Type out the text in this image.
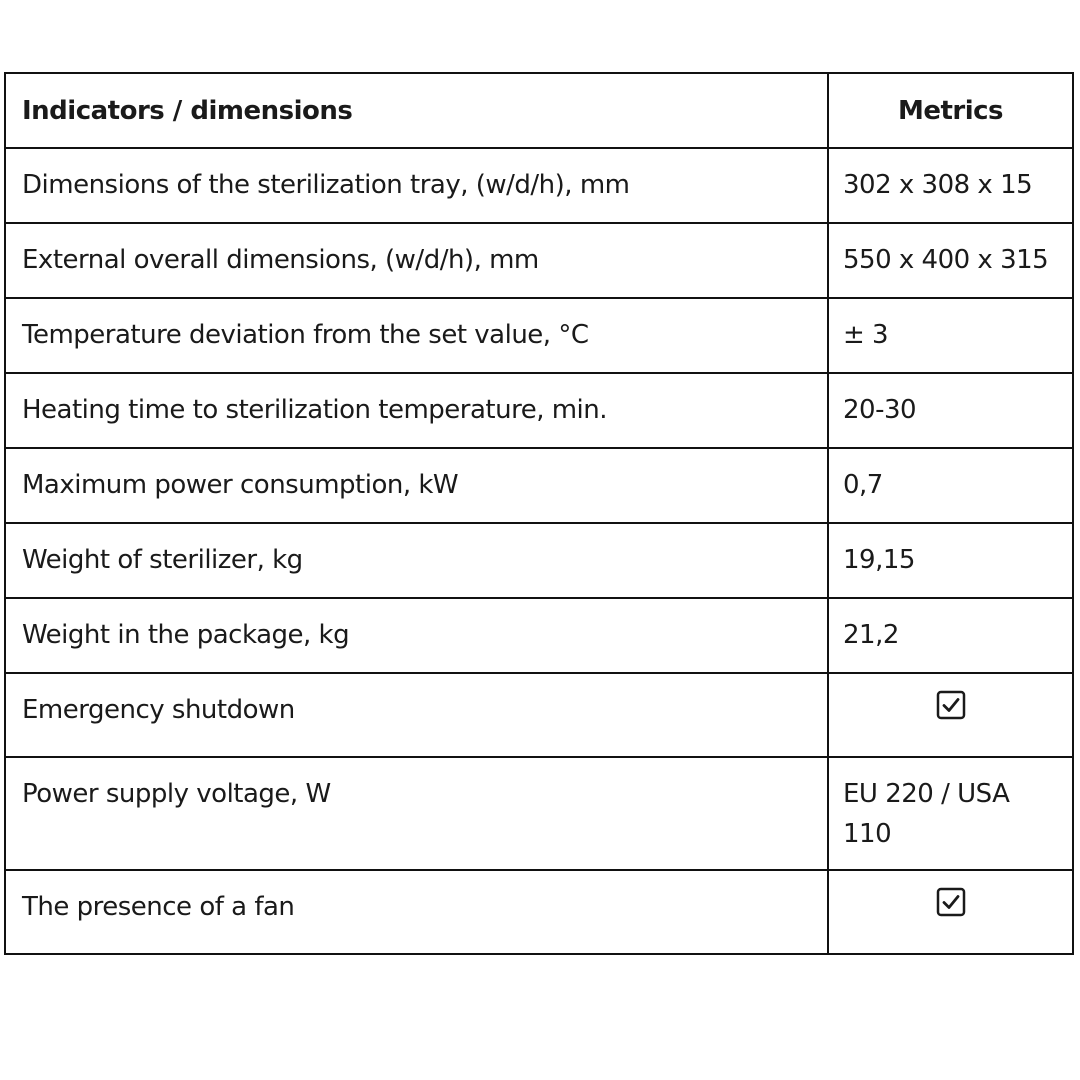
Indicators / dimensions	Metrics
Dimensions of the sterilization tray, (w/d/h), mm	302 x 308 x 15
External overall dimensions, (w/d/h), mm	550 x 400 x 315
Temperature deviation from the set value, °C	± 3
Heating time to sterilization temperature, min.	20-30
Maximum power consumption, kW	0,7
Weight of sterilizer, kg	19,15
Weight in the package, kg	21,2
Emergency shutdown	
Power supply voltage, W	EU 220 / USA 110
The presence of a fan	
